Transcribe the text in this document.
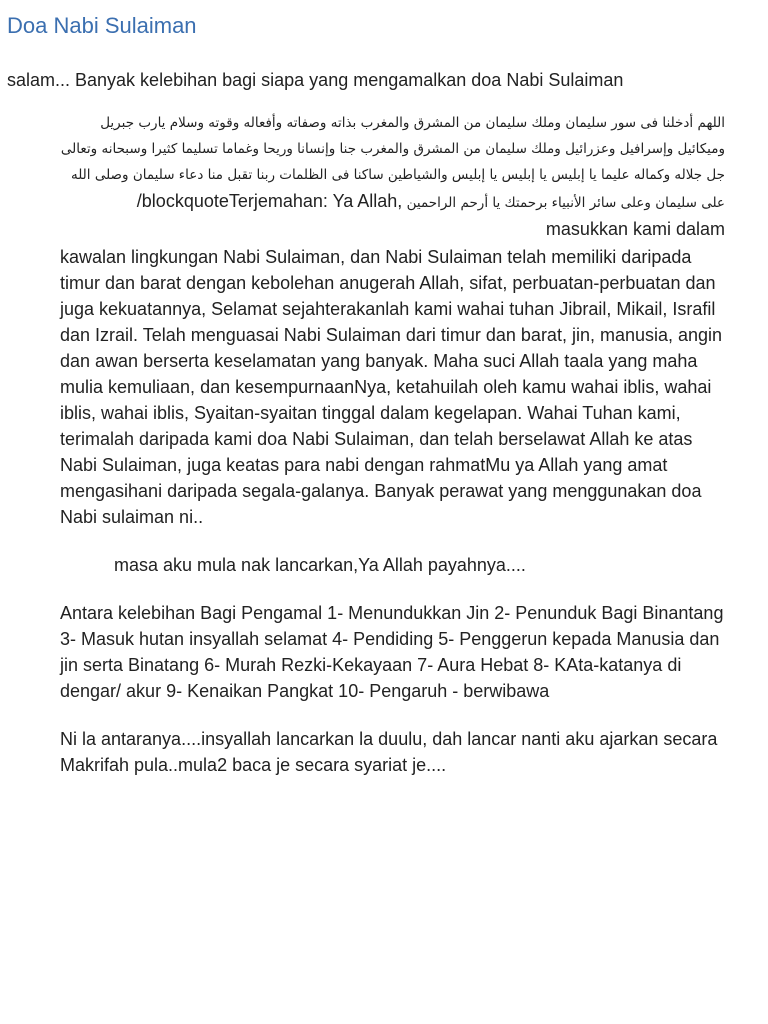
Doa Nabi Sulaiman

salam... Banyak kelebihan bagi siapa yang mengamalkan doa Nabi Sulaiman

اللهم أدخلنا فى سور سليمان وملك سليمان من المشرق والمغرب بذاته وصفاته وأفعاله وقوته وسلام يارب جبريل وميكائيل وإسرافيل وعزرائيل وملك سليمان من المشرق والمغرب جنا وإنسانا وريحا وغماما تسليما كثيرا وسبحانه وتعالى جل جلاله وكماله عليما يا إبليس يا إبليس يا إبليس والشياطين ساكنا فى الظلمات ربنا تقبل منا دعاء سليمان وصلى الله على سليمان وعلى سائر الأنبياء برحمتك يا أرحم الراحمين /blockquoteTerjemahan: Ya Allah, masukkan kami dalam

kawalan lingkungan Nabi Sulaiman, dan Nabi Sulaiman telah memiliki daripada timur dan barat dengan kebolehan anugerah Allah, sifat, perbuatan-perbuatan dan juga kekuatannya, Selamat sejahterakanlah kami wahai tuhan Jibrail, Mikail, Israfil dan Izrail. Telah menguasai Nabi Sulaiman dari timur dan barat, jin, manusia, angin dan awan berserta keselamatan yang banyak. Maha suci Allah taala yang maha mulia kemuliaan, dan kesempurnaanNya, ketahuilah oleh kamu wahai iblis, wahai iblis, wahai iblis, Syaitan-syaitan tinggal dalam kegelapan. Wahai Tuhan kami, terimalah daripada kami doa Nabi Sulaiman, dan telah berselawat Allah ke atas Nabi Sulaiman, juga keatas para nabi dengan rahmatMu ya Allah yang amat mengasihani daripada segala-galanya. Banyak perawat yang menggunakan doa Nabi sulaiman ni..

masa aku mula nak lancarkan,Ya Allah payahnya....

Antara kelebihan Bagi Pengamal 1- Menundukkan Jin 2- Penunduk Bagi Binantang 3- Masuk hutan insyallah selamat 4- Pendiding 5- Penggerun kepada Manusia dan jin serta Binatang 6- Murah Rezki-Kekayaan 7- Aura Hebat 8- KAta-katanya di dengar/ akur 9- Kenaikan Pangkat 10- Pengaruh - berwibawa

Ni la antaranya....insyallah lancarkan la duulu, dah lancar nanti aku ajarkan secara Makrifah pula..mula2 baca je secara syariat je....
